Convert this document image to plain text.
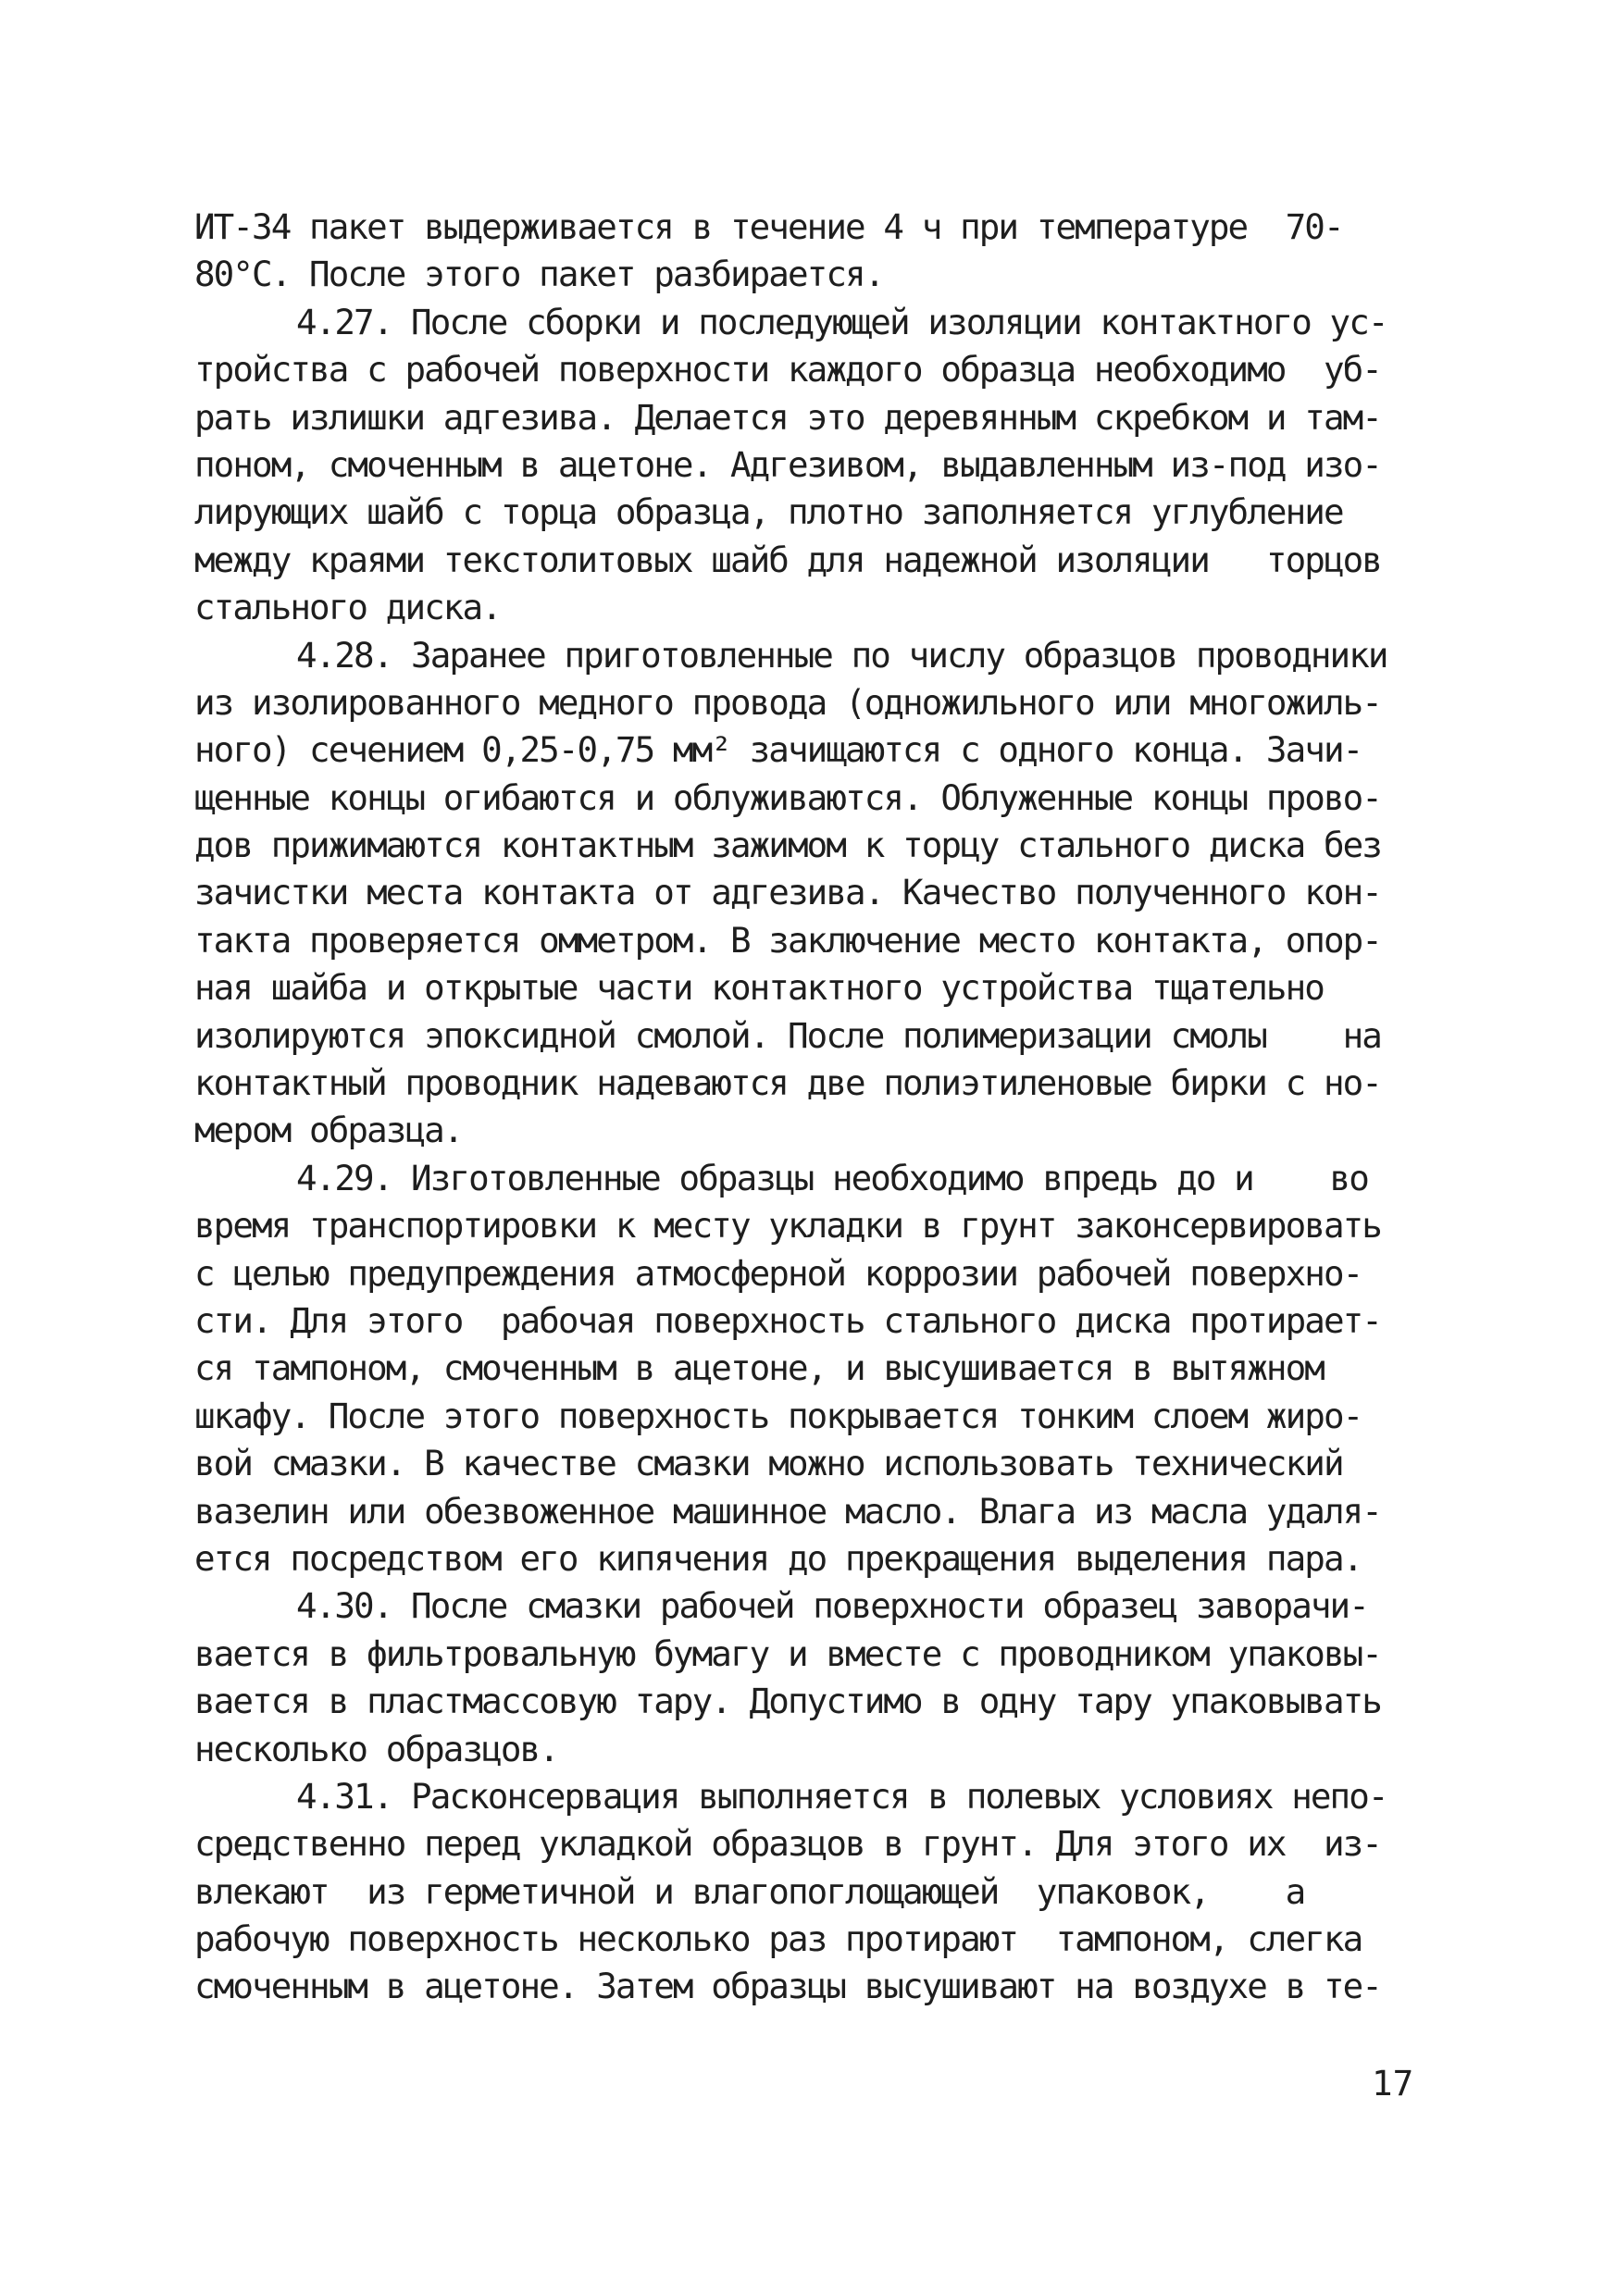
ИТ-34 пакет выдерживается в течение 4 ч при температуре  70-
80°С. После этого пакет разбирается.
4.27. После сборки и последующей изоляции контактного ус-
тройства с рабочей поверхности каждого образца необходимо  уб-
рать излишки адгезива. Делается это деревянным скребком и там-
поном, смоченным в ацетоне. Адгезивом, выдавленным из-под изо-
лирующих шайб с торца образца, плотно заполняется углубление
между краями текстолитовых шайб для надежной изоляции   торцов
стального диска.
4.28. Заранее приготовленные по числу образцов проводники
из изолированного медного провода (одножильного или многожиль-
ного) сечением 0,25-0,75 мм² зачищаются с одного конца. Зачи-
щенные концы огибаются и облуживаются. Облуженные концы прово-
дов прижимаются контактным зажимом к торцу стального диска без
зачистки места контакта от адгезива. Качество полученного кон-
такта проверяется омметром. В заключение место контакта, опор-
ная шайба и открытые части контактного устройства тщательно
изолируются эпоксидной смолой. После полимеризации смолы    на
контактный проводник надеваются две полиэтиленовые бирки с но-
мером образца.
4.29. Изготовленные образцы необходимо впредь до и    во
время транспортировки к месту укладки в грунт законсервировать
с целью предупреждения атмосферной коррозии рабочей поверхно-
сти. Для этого  рабочая поверхность стального диска протирает-
ся тампоном, смоченным в ацетоне, и высушивается в вытяжном
шкафу. После этого поверхность покрывается тонким слоем жиро-
вой смазки. В качестве смазки можно использовать технический
вазелин или обезвоженное машинное масло. Влага из масла удаля-
ется посредством его кипячения до прекращения выделения пара.
4.30. После смазки рабочей поверхности образец заворачи-
вается в фильтровальную бумагу и вместе с проводником упаковы-
вается в пластмассовую тару. Допустимо в одну тару упаковывать
несколько образцов.
4.31. Расконсервация выполняется в полевых условиях непо-
средственно перед укладкой образцов в грунт. Для этого их  из-
влекают  из герметичной и влагопоглощающей  упаковок,    а
рабочую поверхность несколько раз протирают  тампоном, слегка
смоченным в ацетоне. Затем образцы высушивают на воздухе в те-
17
